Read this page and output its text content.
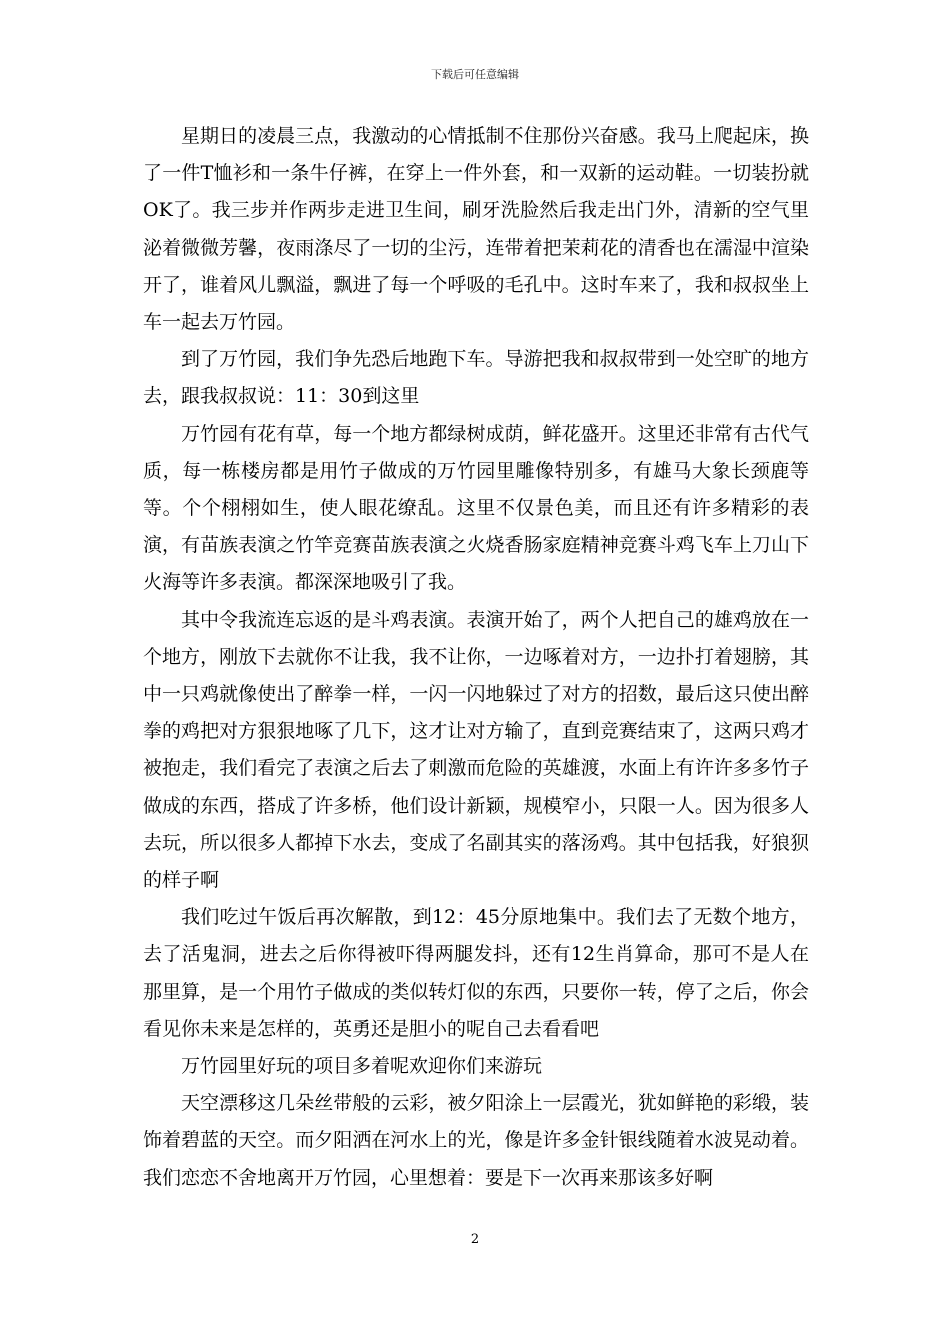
下载后可任意编辑

星期日的凌晨三点，我激动的心情抵制不住那份兴奋感。我马上爬起床，换了一件T恤衫和一条牛仔裤，在穿上一件外套，和一双新的运动鞋。一切装扮就OK了。我三步并作两步走进卫生间，刷牙洗脸然后我走出门外，清新的空气里泌着微微芳馨，夜雨涤尽了一切的尘污，连带着把茉莉花的清香也在濡湿中渲染开了，谁着风儿飘溢，飘进了每一个呼吸的毛孔中。这时车来了，我和叔叔坐上车一起去万竹园。

到了万竹园，我们争先恐后地跑下车。导游把我和叔叔带到一处空旷的地方去，跟我叔叔说：11：30到这里

万竹园有花有草，每一个地方都绿树成荫，鲜花盛开。这里还非常有古代气质，每一栋楼房都是用竹子做成的万竹园里雕像特别多，有雄马大象长颈鹿等等。个个栩栩如生，使人眼花缭乱。这里不仅景色美，而且还有许多精彩的表演，有苗族表演之竹竿竞赛苗族表演之火烧香肠家庭精神竞赛斗鸡飞车上刀山下火海等许多表演。都深深地吸引了我。

其中令我流连忘返的是斗鸡表演。表演开始了，两个人把自己的雄鸡放在一个地方，刚放下去就你不让我，我不让你，一边啄着对方，一边扑打着翅膀，其中一只鸡就像使出了醉拳一样，一闪一闪地躲过了对方的招数，最后这只使出醉拳的鸡把对方狠狠地啄了几下，这才让对方输了，直到竞赛结束了，这两只鸡才被抱走，我们看完了表演之后去了刺激而危险的英雄渡，水面上有许许多多竹子做成的东西，搭成了许多桥，他们设计新颖，规模窄小，只限一人。因为很多人去玩，所以很多人都掉下水去，变成了名副其实的落汤鸡。其中包括我，好狼狈的样子啊

我们吃过午饭后再次解散，到12：45分原地集中。我们去了无数个地方，去了活鬼洞，进去之后你得被吓得两腿发抖，还有12生肖算命，那可不是人在那里算，是一个用竹子做成的类似转灯似的东西，只要你一转，停了之后，你会看见你未来是怎样的，英勇还是胆小的呢自己去看看吧

万竹园里好玩的项目多着呢欢迎你们来游玩

天空漂移这几朵丝带般的云彩，被夕阳涂上一层霞光，犹如鲜艳的彩缎，装饰着碧蓝的天空。而夕阳洒在河水上的光，像是许多金针银线随着水波晃动着。我们恋恋不舍地离开万竹园，心里想着：要是下一次再来那该多好啊

2
